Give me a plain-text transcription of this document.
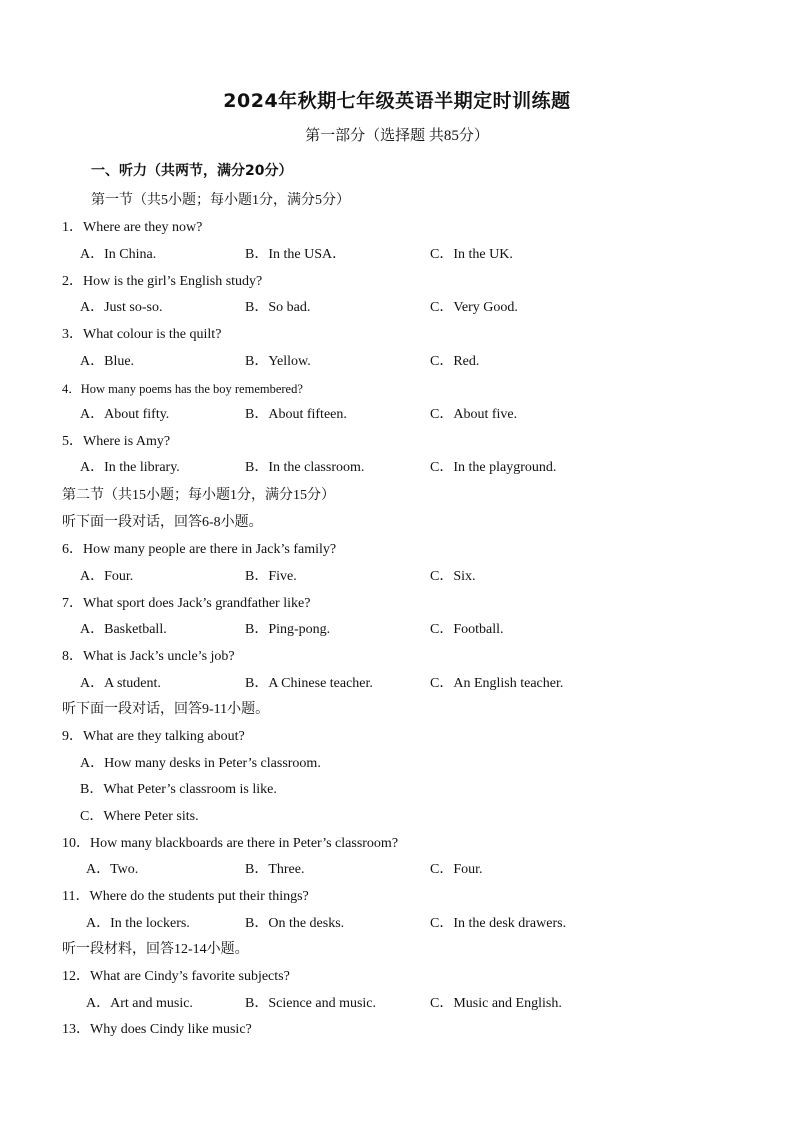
2024年秋期七年级英语半期定时训练题
第一部分（选择题 共85分）
一、听力（共两节，满分20分）
第一节（共5小题；每小题1分，满分5分）
1．Where are they now?
A．In China.	B．In the USA．	C．In the UK.
2．How is the girl’s English study?
A．Just so-so.	B．So bad.	C．Very Good.
3．What colour is the quilt?
A．Blue.	B．Yellow.	C．Red.
4．How many poems has the boy remembered?
A．About fifty.	B．About fifteen.	C．About five.
5．Where is Amy?
A．In the library.	B．In the classroom.	C．In the playground.
第二节（共15小题；每小题1分，满分15分）
听下面一段对话，回答6-8小题。
6．How many people are there in Jack’s family?
A．Four.	B．Five.	C．Six.
7．What sport does Jack’s grandfather like?
A．Basketball.	B．Ping-pong.	C．Football.
8．What is Jack’s uncle’s job?
A．A student.	B．A Chinese teacher.	C．An English teacher.
听下面一段对话，回答9-11小题。
9．What are they talking about?
A．How many desks in Peter’s classroom.
B．What Peter’s classroom is like.
C．Where Peter sits.
10．How many blackboards are there in Peter’s classroom?
A．Two.	B．Three.	C．Four.
11．Where do the students put their things?
A．In the lockers.	B．On the desks.	C．In the desk drawers.
听一段材料，回答12-14小题。
12．What are Cindy’s favorite subjects?
A．Art and music.	B．Science and music.	C．Music and English.
13．Why does Cindy like music?
